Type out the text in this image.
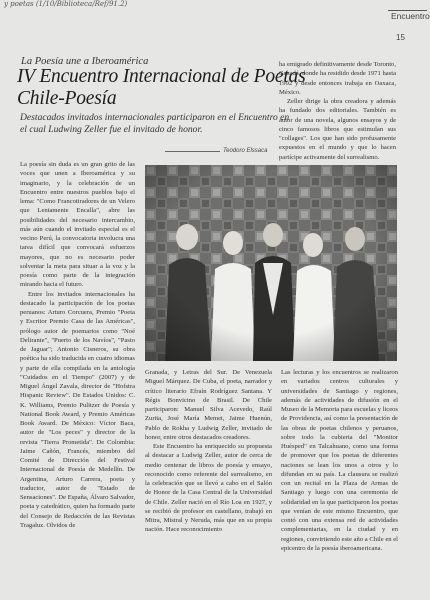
y poetas (1/10/Biblioteca/Ref/91.2)
Encuentro
15
La Poesía une a Iberoamérica
IV Encuentro Internacional de Poetas Chile-Poesía
Destacados invitados internacionales participaron en el Encuentro en el cual Ludwing Zeller fue el invitado de honor.
Teodoro Elssaca

ha emigrado definitivamente desde Toronto, Canadá, donde ha residido desde 1971 hasta 1992 y desde entonces trabaja en Oaxaca, México.

Zeller dirige la obra creadora y además ha fundado dos editoriales. También es autor de una novela, algunos ensayos y de cinco famosos libros que estimulan sus "collages". Los que han sido profusamente expuestos en el mundo y que lo hacen partícipe activamente del surrealismo.

La poesía sin duda es un gran grito de las voces que unen a Iberoamérica y su imaginario, y la celebración de un Encuentro entre nuestros pueblos bajo el lema: "Como Francotiradores de un Velero que Lentamente Encalla", abre las posibilidades del necesario intercambio, más aún cuando el invitado especial es el vecino Perú, la convocatoria involucra una tarea difícil que convocará esfuerzos mayores, que no es necesario poder solventar la meta para situar a la voz y la poesía como parte de la integración mirando hacia el futuro.

Entre los invitados internacionales ha destacado la participación de los poetas peruanos: Arturo Corcuera, Premio "Poeta y Escritor Premio Casa de las Américas", prólogo autor de poemarios como "Noé Delirante", "Puerto de los Navíos", "Pasto de Jaguar"; Antonio Cisneros, su obra poética ha sido traducida en cuatro idiomas y parte de ella compilada en la antología "Cuidados en el Tiempo" (2007) y de Miguel Ángel Zavala, director de "Hofstra Hispanic Review". De Estados Unidos: C. K. Williams, Premio Pulitzer de Poesía y National Book Award, y Premio Américas Book Award. De México: Víctor Baca, autor de "Los peces" y director de la revista "Tierra Prometida". De Colombia: Jaime Cañón, Francés, miembro del Comité de Dirección del Festival Internacional de Poesía de Medellín. De Argentina, Arturo Carrera, poeta y traductor, autor de "Estado de Sensaciones". De España, Álvaro Salvador, poeta y catedrático, quien ha formado parte del Consejo de Redacción de las Revistas Tragaluz. Olvidos de

Granada, y Letras del Sur. De Venezuela Miguel Márquez. De Cuba, el poeta, narrador y crítico literario Efraín Rodríguez Santana. Y Régis Bonvicino de Brasil. De Chile participaron: Manuel Silva Acevedo, Raúl Zurita, José María Memet, Jaime Huenún, Pablo de Rokha y Ludwig Zeller, invitado de honor, entre otros destacados creadores.

Este Encuentro ha enriquecido su propuesta al destacar a Ludwig Zeller, autor de cerca de medio centenar de libros de poesía y ensayo, reconocido como referente del surrealismo, en la celebración que se llevó a cabo en el Salón de Honor de la Casa Central de la Universidad de Chile. Zeller nació en el Río Loa en 1927, y se recibió de profesor en castellano, trabajó en Mitra, Mistral y Neruda, más que en su propia nación. Hace reconocimiento

Las lecturas y los encuentros se realizaron en variados centros culturales y universidades de Santiago y regiones, además de actividades de difusión en el Museo de la Memoria para escuelas y liceos de Providencia, así como la presentación de las obras de poetas chilenos y peruanos, sobre todo la cubierta del "Monitor Huésped" en Talcahuano, como una forma de promover que los poetas de diferentes naciones se lean los unos a otros y lo difundan en su país. La clausura se realizó con un recital en la Plaza de Armas de Santiago y luego con una ceremonia de solidaridad en la que participaron los poetas que venían de este mismo Encuentro, que contó con una extensa red de actividades complementarias, en la ciudad y en regiones, convirtiendo este año a Chile en el epicentro de la poesía iberoamericana.
